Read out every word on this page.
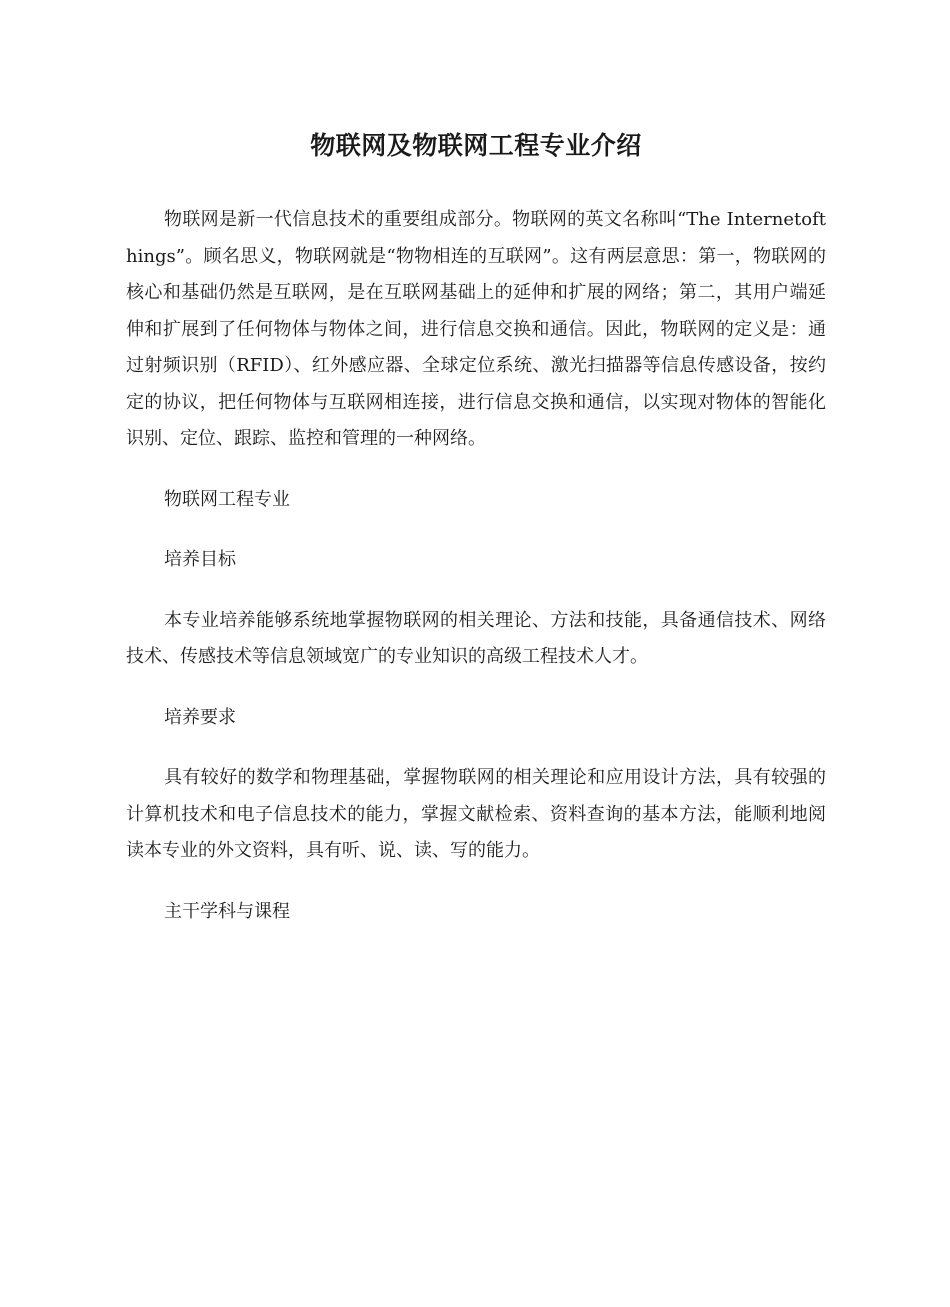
物联网及物联网工程专业介绍

物联网是新一代信息技术的重要组成部分。物联网的英文名称叫“The Internetofthings”。顾名思义，物联网就是“物物相连的互联网”。这有两层意思：第一，物联网的核心和基础仍然是互联网，是在互联网基础上的延伸和扩展的网络；第二，其用户端延伸和扩展到了任何物体与物体之间，进行信息交换和通信。因此，物联网的定义是：通过射频识别（RFID）、红外感应器、全球定位系统、激光扫描器等信息传感设备，按约定的协议，把任何物体与互联网相连接，进行信息交换和通信，以实现对物体的智能化识别、定位、跟踪、监控和管理的一种网络。

物联网工程专业

培养目标

本专业培养能够系统地掌握物联网的相关理论、方法和技能，具备通信技术、网络技术、传感技术等信息领域宽广的专业知识的高级工程技术人才。

培养要求

具有较好的数学和物理基础，掌握物联网的相关理论和应用设计方法，具有较强的计算机技术和电子信息技术的能力，掌握文献检索、资料查询的基本方法，能顺利地阅读本专业的外文资料，具有听、说、读、写的能力。

主干学科与课程
